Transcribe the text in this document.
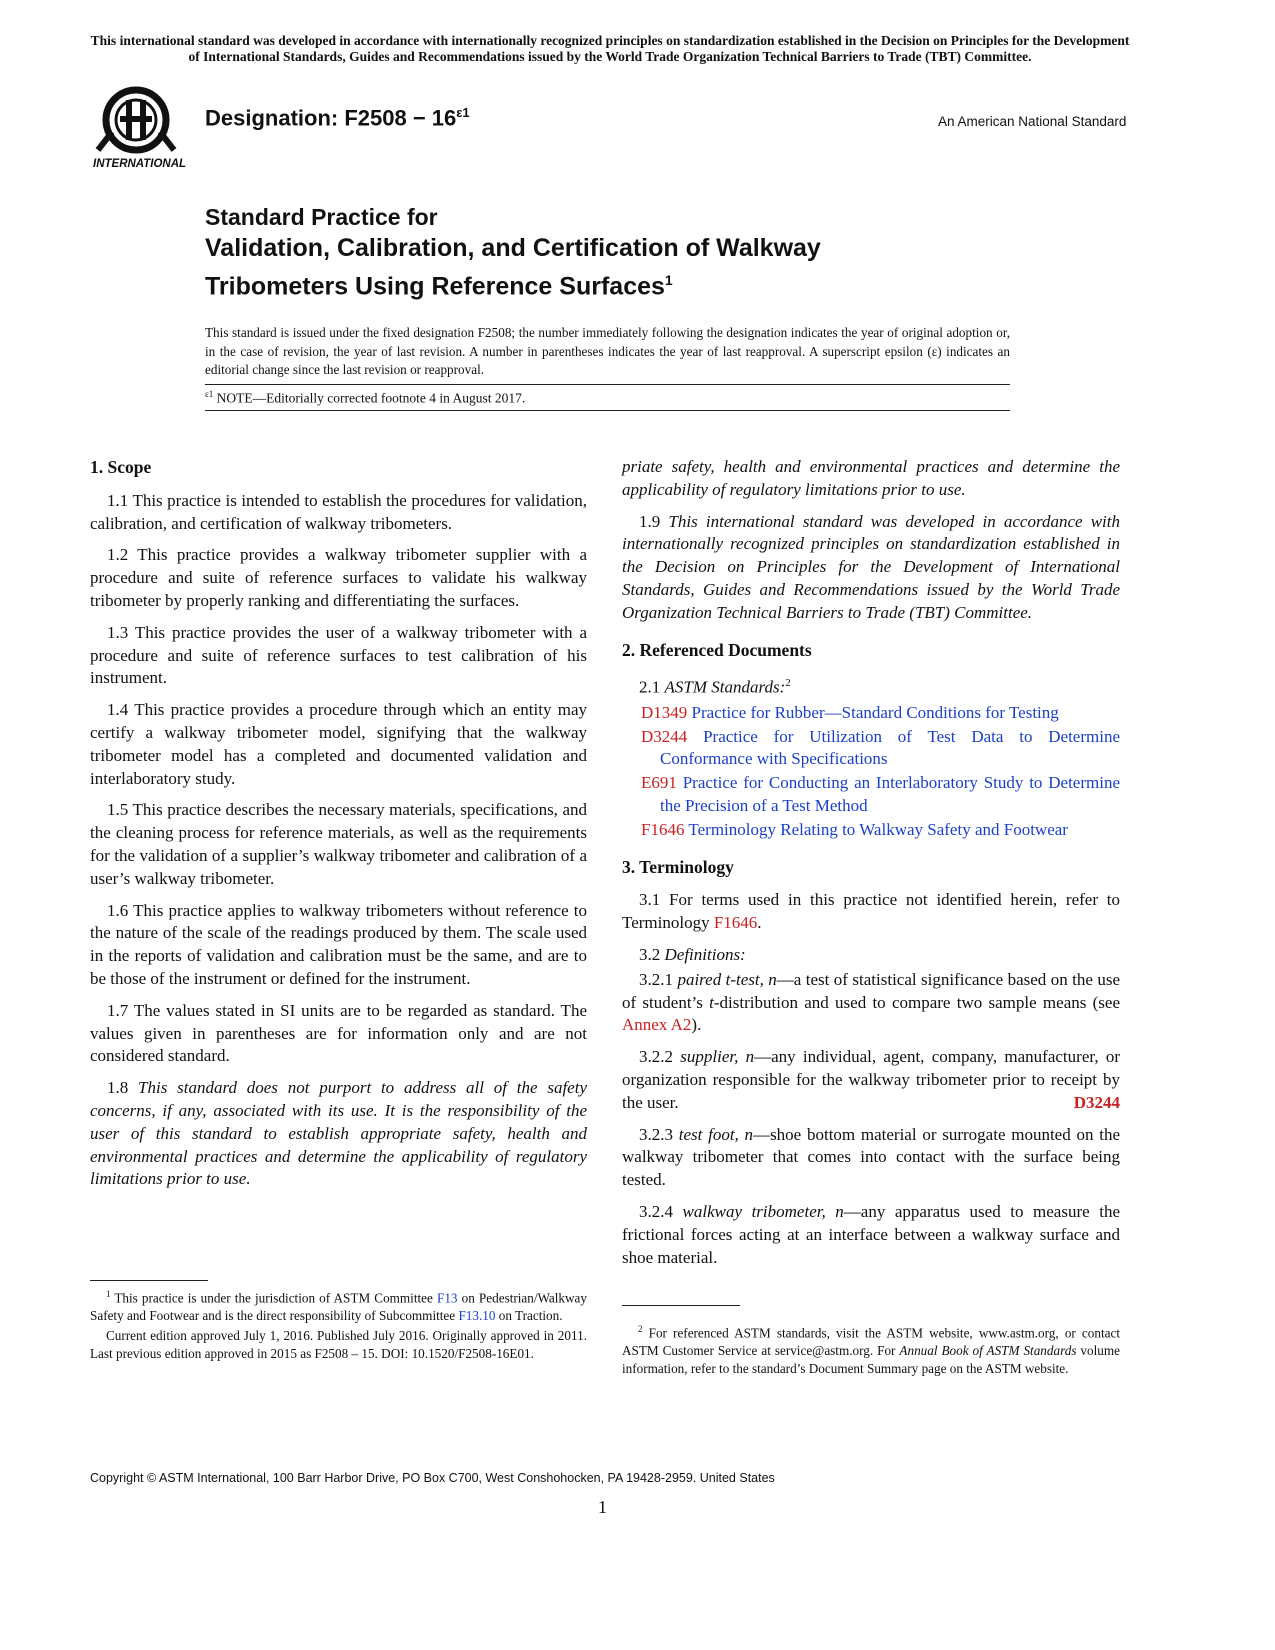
This international standard was developed in accordance with internationally recognized principles on standardization established in the Decision on Principles for the Development of International Standards, Guides and Recommendations issued by the World Trade Organization Technical Barriers to Trade (TBT) Committee.
INTERNATIONAL
Designation: $F2508 - 16^{\varepsilon 1}$
An American National Standard
Standard Practice for
Validation, Calibration, and Certification of Walkway
Tribometers Using Reference Surfaces$^1$
This standard is issued under the fixed designation F2508; the number immediately following the designation indicates the year of original adoption or, in the case of revision, the year of last revision. A number in parentheses indicates the year of last reapproval. A superscript epsilon (ε) indicates an editorial change since the last revision or reapproval.
$^{\varepsilon 1}$ NOTE—Editorially corrected footnote 4 in August 2017.
1. Scope

1.1 This practice is intended to establish the procedures for validation, calibration, and certification of walkway tribometers.

1.2 This practice provides a walkway tribometer supplier with a procedure and suite of reference surfaces to validate his walkway tribometer by properly ranking and differentiating the surfaces.

1.3 This practice provides the user of a walkway tribometer with a procedure and suite of reference surfaces to test calibration of his instrument.

1.4 This practice provides a procedure through which an entity may certify a walkway tribometer model, signifying that the walkway tribometer model has a completed and documented validation and interlaboratory study.

1.5 This practice describes the necessary materials, specifications, and the cleaning process for reference materials, as well as the requirements for the validation of a supplier’s walkway tribometer and calibration of a user’s walkway tribometer.

1.6 This practice applies to walkway tribometers without reference to the nature of the scale of the readings produced by them. The scale used in the reports of validation and calibration must be the same, and are to be those of the instrument or defined for the instrument.

1.7 The values stated in SI units are to be regarded as standard. The values given in parentheses are for information only and are not considered standard.

1.8 This standard does not purport to address all of the safety concerns, if any, associated with its use. It is the responsibility of the user of this standard to establish appropriate safety, health and environmental practices and determine the applicability of regulatory limitations prior to use.

priate safety, health and environmental practices and determine the applicability of regulatory limitations prior to use.

1.9 This international standard was developed in accordance with internationally recognized principles on standardization established in the Decision on Principles for the Development of International Standards, Guides and Recommendations issued by the World Trade Organization Technical Barriers to Trade (TBT) Committee.

2. Referenced Documents

2.1 ASTM Standards:$^2$

D1349 Practice for Rubber—Standard Conditions for Testing
D3244 Practice for Utilization of Test Data to Determine Conformance with Specifications
E691 Practice for Conducting an Interlaboratory Study to Determine the Precision of a Test Method
F1646 Terminology Relating to Walkway Safety and Footwear
3. Terminology

3.1 For terms used in this practice not identified herein, refer to Terminology F1646.

3.2 Definitions:

3.2.1 paired t-test, n—a test of statistical significance based on the use of student’s t-distribution and used to compare two sample means (see Annex A2).

3.2.2 supplier, n—any individual, agent, company, manufacturer, or organization responsible for the walkway tribometer prior to receipt by the user.	D3244

3.2.3 test foot, n—shoe bottom material or surrogate mounted on the walkway tribometer that comes into contact with the surface being tested.

3.2.4 walkway tribometer, n—any apparatus used to measure the frictional forces acting at an interface between a walkway surface and shoe material.

$^1$ This practice is under the jurisdiction of ASTM Committee F13 on Pedestrian/Walkway Safety and Footwear and is the direct responsibility of Subcommittee F13.10 on Traction.

Current edition approved July 1, 2016. Published July 2016. Originally approved in 2011. Last previous edition approved in 2015 as F2508 – 15. DOI: 10.1520/F2508-16E01.

$^2$ For referenced ASTM standards, visit the ASTM website, www.astm.org, or contact ASTM Customer Service at service@astm.org. For Annual Book of ASTM Standards volume information, refer to the standard’s Document Summary page on the ASTM website.

Copyright © ASTM International, 100 Barr Harbor Drive, PO Box C700, West Conshohocken, PA 19428-2959. United States
1
